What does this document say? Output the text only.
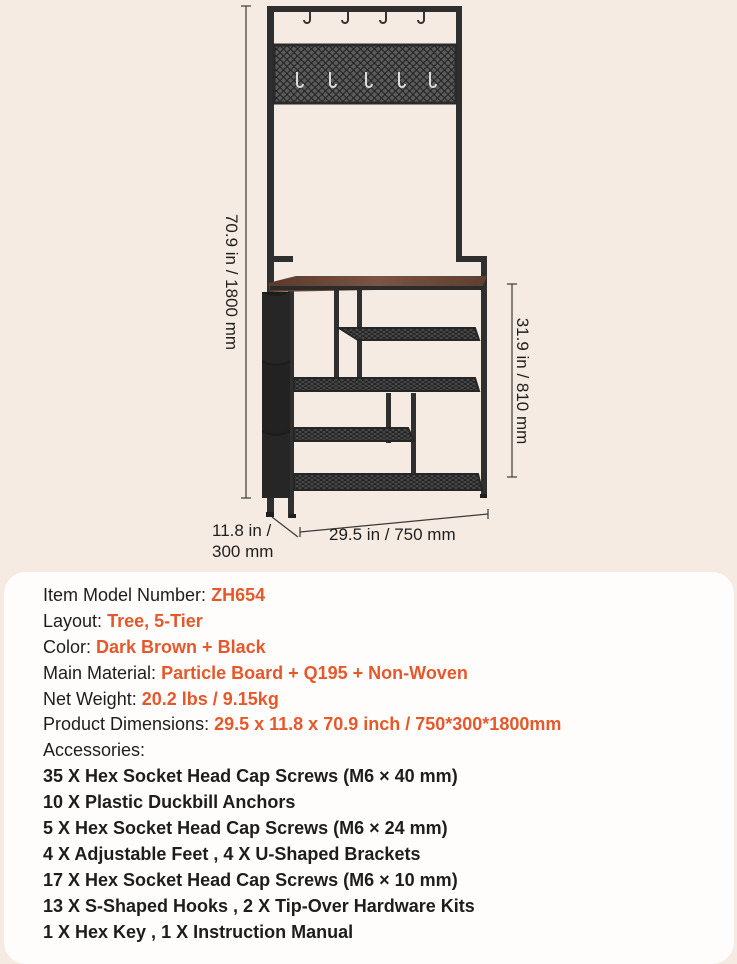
70.9 in / 1800 mm
31.9 in / 810 mm
29.5 in / 750 mm
11.8 in /
300 mm
Item Model Number: ZH654
Layout: Tree, 5-Tier
Color: Dark Brown + Black
Main Material: Particle Board + Q195 + Non-Woven
Net Weight: 20.2 lbs / 9.15kg
Product Dimensions: 29.5 x 11.8 x 70.9 inch / 750*300*1800mm
Accessories:
35 X Hex Socket Head Cap Screws (M6 × 40 mm)
10 X Plastic Duckbill Anchors
5 X Hex Socket Head Cap Screws (M6 × 24 mm)
4 X Adjustable Feet , 4 X U-Shaped Brackets
17 X Hex Socket Head Cap Screws (M6 × 10 mm)
13 X S-Shaped Hooks , 2 X Tip-Over Hardware Kits
1 X Hex Key , 1 X Instruction Manual
